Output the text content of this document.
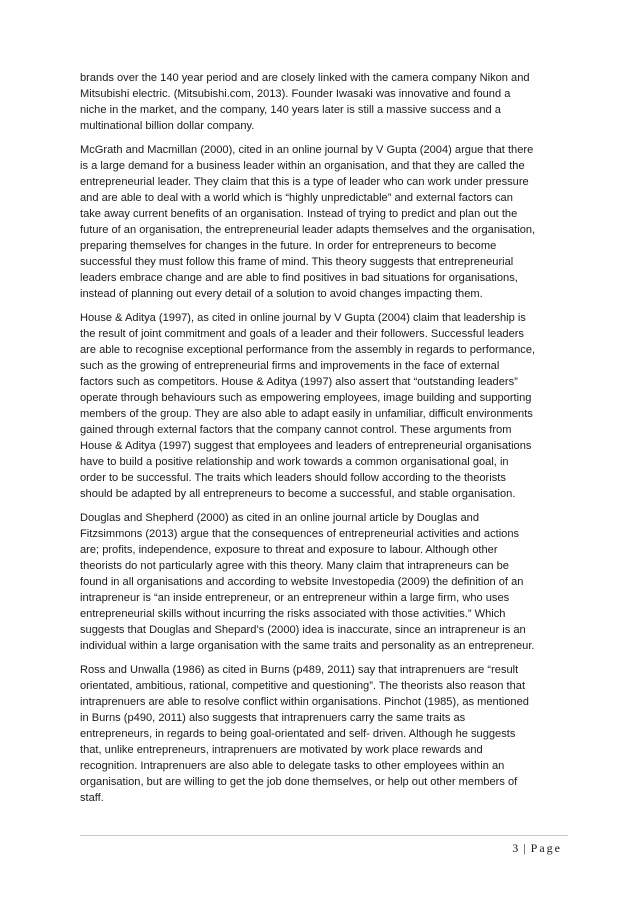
brands over the 140 year period and are closely linked with the camera company Nikon and
Mitsubishi electric. (Mitsubishi.com, 2013). Founder Iwasaki was innovative and found a
niche in the market, and the company, 140 years later is still a massive success and a
multinational billion dollar company.

McGrath and Macmillan (2000), cited in an online journal by V Gupta (2004) argue that there
is a large demand for a business leader within an organisation, and that they are called the
entrepreneurial leader. They claim that this is a type of leader who can work under pressure
and are able to deal with a world which is “highly unpredictable” and external factors can
take away current benefits of an organisation. Instead of trying to predict and plan out the
future of an organisation, the entrepreneurial leader adapts themselves and the organisation,
preparing themselves for changes in the future. In order for entrepreneurs to become
successful they must follow this frame of mind. This theory suggests that entrepreneurial
leaders embrace change and are able to find positives in bad situations for organisations,
instead of planning out every detail of a solution to avoid changes impacting them.

House & Aditya (1997), as cited in online journal by V Gupta (2004) claim that leadership is
the result of joint commitment and goals of a leader and their followers. Successful leaders
are able to recognise exceptional performance from the assembly in regards to performance,
such as the growing of entrepreneurial firms and improvements in the face of external
factors such as competitors. House & Aditya (1997) also assert that “outstanding leaders”
operate through behaviours such as empowering employees, image building and supporting
members of the group. They are also able to adapt easily in unfamiliar, difficult environments
gained through external factors that the company cannot control. These arguments from
House & Aditya (1997) suggest that employees and leaders of entrepreneurial organisations
have to build a positive relationship and work towards a common organisational goal, in
order to be successful. The traits which leaders should follow according to the theorists
should be adapted by all entrepreneurs to become a successful, and stable organisation.

Douglas and Shepherd (2000) as cited in an online journal article by Douglas and
Fitzsimmons (2013) argue that the consequences of entrepreneurial activities and actions
are; profits, independence, exposure to threat and exposure to labour. Although other
theorists do not particularly agree with this theory. Many claim that intrapreneurs can be
found in all organisations and according to website Investopedia (2009) the definition of an
intrapreneur is “an inside entrepreneur, or an entrepreneur within a large firm, who uses
entrepreneurial skills without incurring the risks associated with those activities.” Which
suggests that Douglas and Shepard’s (2000) idea is inaccurate, since an intrapreneur is an
individual within a large organisation with the same traits and personality as an entrepreneur.

Ross and Unwalla (1986) as cited in Burns (p489, 2011) say that intraprenuers are “result
orientated, ambitious, rational, competitive and questioning”. The theorists also reason that
intraprenuers are able to resolve conflict within organisations. Pinchot (1985), as mentioned
in Burns (p490, 2011) also suggests that intraprenuers carry the same traits as
entrepreneurs, in regards to being goal-orientated and self- driven. Although he suggests
that, unlike entrepreneurs, intraprenuers are motivated by work place rewards and
recognition. Intraprenuers are also able to delegate tasks to other employees within an
organisation, but are willing to get the job done themselves, or help out other members of
staff.

3 | Page
